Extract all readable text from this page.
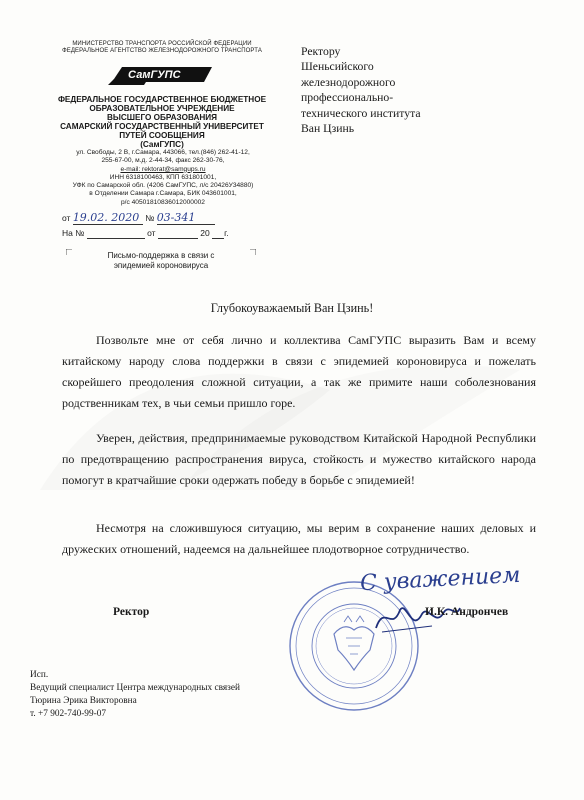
МИНИСТЕРСТВО ТРАНСПОРТА РОССИЙСКОЙ ФЕДЕРАЦИИ
ФЕДЕРАЛЬНОЕ АГЕНТСТВО ЖЕЛЕЗНОДОРОЖНОГО ТРАНСПОРТА
СамГУПС
ФЕДЕРАЛЬНОЕ ГОСУДАРСТВЕННОЕ БЮДЖЕТНОЕ
ОБРАЗОВАТЕЛЬНОЕ УЧРЕЖДЕНИЕ
ВЫСШЕГО ОБРАЗОВАНИЯ
САМАРСКИЙ ГОСУДАРСТВЕННЫЙ УНИВЕРСИТЕТ
ПУТЕЙ СООБЩЕНИЯ
(СамГУПС)
ул. Свободы, 2 В, г.Самара, 443066, тел.(846) 262-41-12,
255-67-00, м.д. 2-44-34, факс 262-30-76,
e-mail: rektorat@samgups.ru
ИНН 6318100463, КПП 631801001,
УФК по Самарской обл. (4206 СамГУПС, л/с 20426У34880)
в Отделении Самара г.Самара, БИК 043601001,
р/с 40501810836012000002
от 19.02. 2020 № 03-341
На №	от	20 г.
Письмо-поддержка в связи с
эпидемией короновируса
Ректору
Шеньсийского
железнодорожного
профессионально-
технического института
Ван Цзинь
Глубокоуважаемый Ван Цзинь!

Позвольте мне от себя лично и коллектива СамГУПС выразить Вам и всему китайскому народу слова поддержки в связи с эпидемией короновируса и пожелать скорейшего преодоления сложной ситуации, а так же примите наши соболезнования родственникам тех, в чьи семьи пришло горе.

Уверен, действия, предпринимаемые руководством Китайской Народной Республики по предотвращению распространения вируса, стойкость и мужество китайского народа помогут в кратчайшие сроки одержать победу в борьбе с эпидемией!

Несмотря на сложившуюся ситуацию, мы верим в сохранение наших деловых и дружеских отношений, надеемся на дальнейшее плодотворное сотрудничество.

С уважением
Ректор	И.К. Андрончев
Исп.
Ведущий специалист Центра международных связей
Тюрина Эрика Викторовна
т. +7 902-740-99-07
